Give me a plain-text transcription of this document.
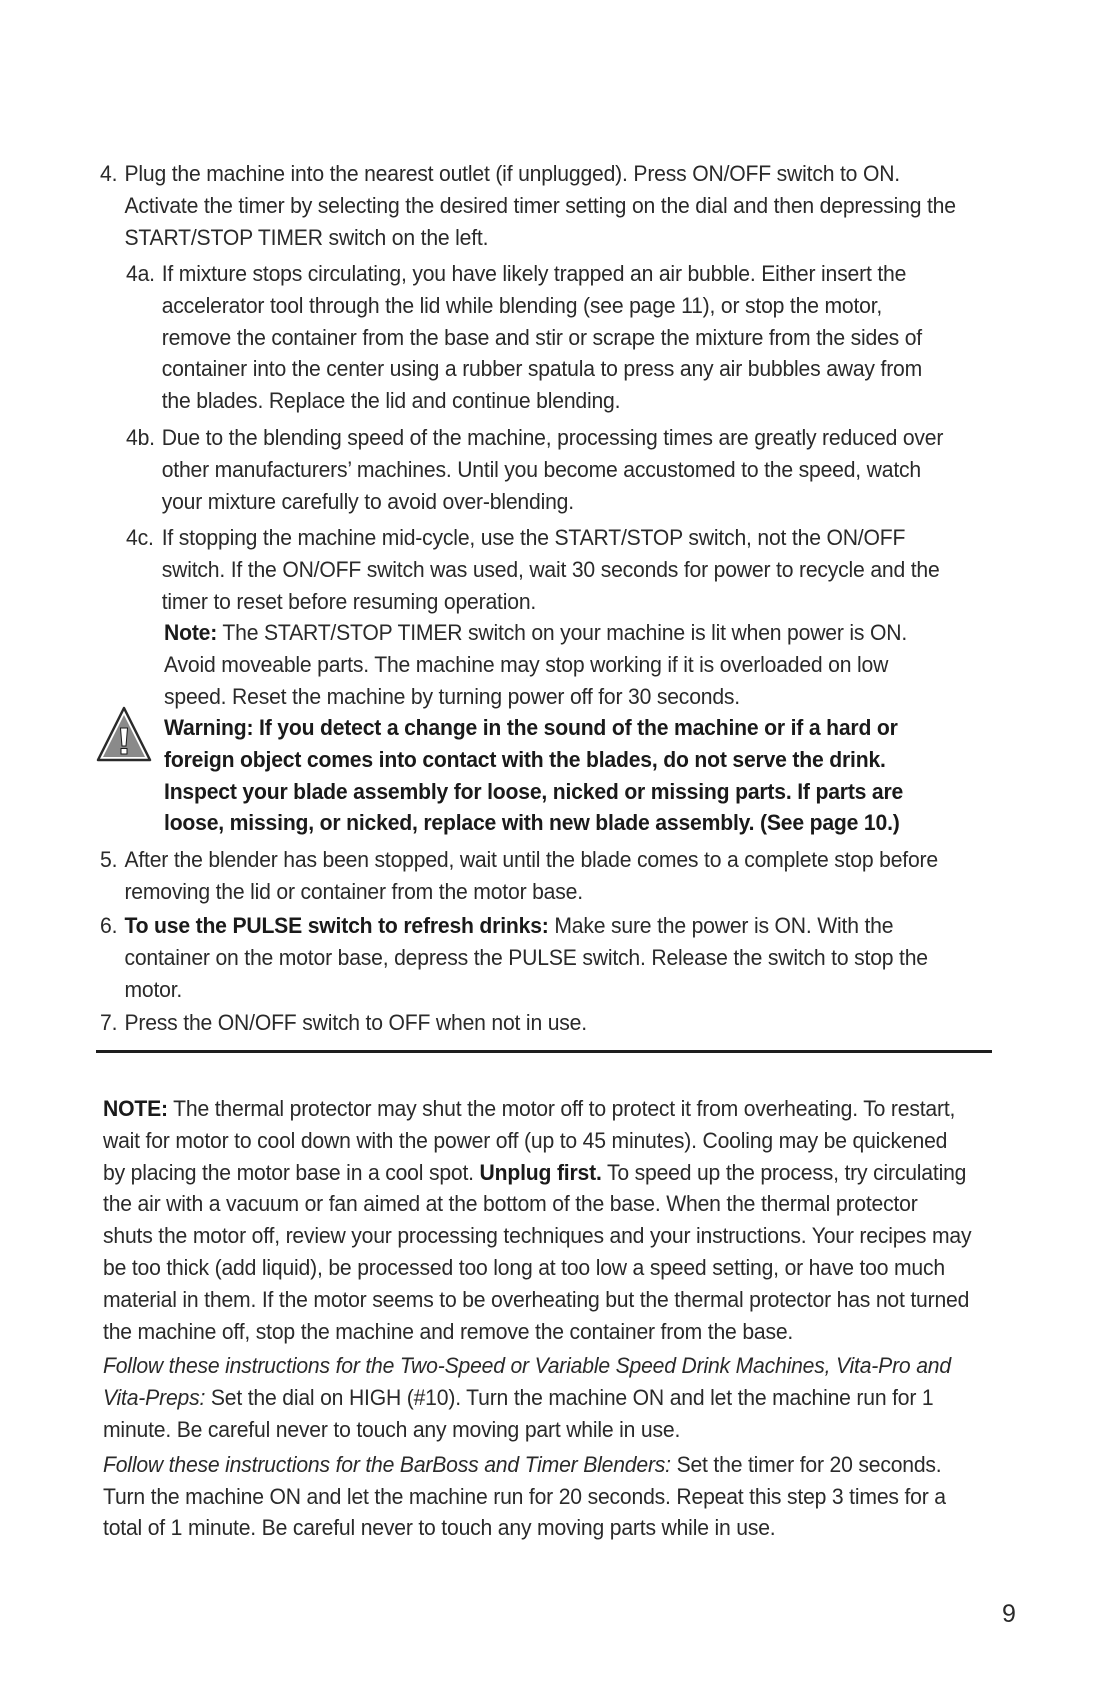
4. Plug the machine into the nearest outlet (if unplugged). Press ON/OFF switch to ON. Activate the timer by selecting the desired timer setting on the dial and then depressing the START/STOP TIMER switch on the left.
4a. If mixture stops circulating, you have likely trapped an air bubble. Either insert the accelerator tool through the lid while blending (see page 11), or stop the motor, remove the container from the base and stir or scrape the mixture from the sides of container into the center using a rubber spatula to press any air bubbles away from the blades. Replace the lid and continue blending.
4b. Due to the blending speed of the machine, processing times are greatly reduced over other manufacturers’ machines. Until you become accustomed to the speed, watch your mixture carefully to avoid over-blending.
4c. If stopping the machine mid-cycle, use the START/STOP switch, not the ON/OFF switch. If the ON/OFF switch was used, wait 30 seconds for power to recycle and the timer to reset before resuming operation.
Note: The START/STOP TIMER switch on your machine is lit when power is ON. Avoid moveable parts. The machine may stop working if it is overloaded on low speed. Reset the machine by turning power off for 30 seconds.
Warning: If you detect a change in the sound of the machine or if a hard or foreign object comes into contact with the blades, do not serve the drink. Inspect your blade assembly for loose, nicked or missing parts. If parts are loose, missing, or nicked, replace with new blade assembly. (See page 10.)
5. After the blender has been stopped, wait until the blade comes to a complete stop before removing the lid or container from the motor base.
6. To use the PULSE switch to refresh drinks: Make sure the power is ON. With the container on the motor base, depress the PULSE switch. Release the switch to stop the motor.
7. Press the ON/OFF switch to OFF when not in use.

NOTE: The thermal protector may shut the motor off to protect it from overheating. To restart, wait for motor to cool down with the power off (up to 45 minutes). Cooling may be quickened by placing the motor base in a cool spot. Unplug first. To speed up the process, try circulating the air with a vacuum or fan aimed at the bottom of the base. When the thermal protector shuts the motor off, review your processing techniques and your instructions. Your recipes may be too thick (add liquid), be processed too long at too low a speed setting, or have too much material in them. If the motor seems to be overheating but the thermal protector has not turned the machine off, stop the machine and remove the container from the base.

Follow these instructions for the Two-Speed or Variable Speed Drink Machines, Vita-Pro and Vita-Preps: Set the dial on HIGH (#10). Turn the machine ON and let the machine run for 1 minute. Be careful never to touch any moving part while in use.

Follow these instructions for the BarBoss and Timer Blenders: Set the timer for 20 seconds. Turn the machine ON and let the machine run for 20 seconds. Repeat this step 3 times for a total of 1 minute. Be careful never to touch any moving parts while in use.

9
